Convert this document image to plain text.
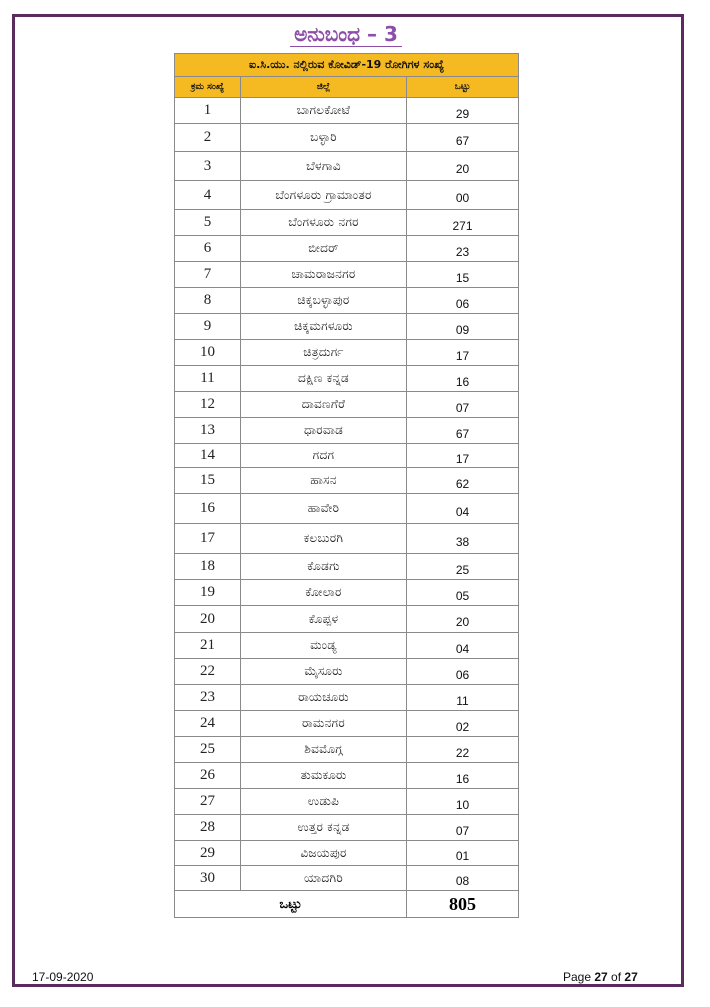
ಅನುಬಂಧ – 3
ಐ.ಸಿ.ಯು. ನಲ್ಲಿರುವ ಕೋವಿಡ್-19 ರೋಗಿಗಳ ಸಂಖ್ಯೆ		
ಕ್ರಮ ಸಂಖ್ಯೆ	ಜಿಲ್ಲೆ	ಒಟ್ಟು
1	ಬಾಗಲಕೋಟೆ	29
2	ಬಳ್ಳಾರಿ	67
3	ಬೆಳಗಾವಿ	20
4	ಬೆಂಗಳೂರು ಗ್ರಾಮಾಂತರ	00
5	ಬೆಂಗಳೂರು ನಗರ	271
6	ಬೀದರ್	23
7	ಚಾಮರಾಜನಗರ	15
8	ಚಿಕ್ಕಬಳ್ಳಾಪುರ	06
9	ಚಿಕ್ಕಮಗಳೂರು	09
10	ಚಿತ್ರದುರ್ಗ	17
11	ದಕ್ಷಿಣ ಕನ್ನಡ	16
12	ದಾವಣಗೆರೆ	07
13	ಧಾರವಾಡ	67
14	ಗದಗ	17
15	ಹಾಸನ	62
16	ಹಾವೇರಿ	04
17	ಕಲಬುರಗಿ	38
18	ಕೊಡಗು	25
19	ಕೋಲಾರ	05
20	ಕೊಪ್ಪಳ	20
21	ಮಂಡ್ಯ	04
22	ಮೈಸೂರು	06
23	ರಾಯಚೂರು	11
24	ರಾಮನಗರ	02
25	ಶಿವಮೊಗ್ಗ	22
26	ತುಮಕೂರು	16
27	ಉಡುಪಿ	10
28	ಉತ್ತರ ಕನ್ನಡ	07
29	ವಿಜಯಪುರ	01
30	ಯಾದಗಿರಿ	08
ಒಟ್ಟು		805
17-09-2020	Page 27 of 27
